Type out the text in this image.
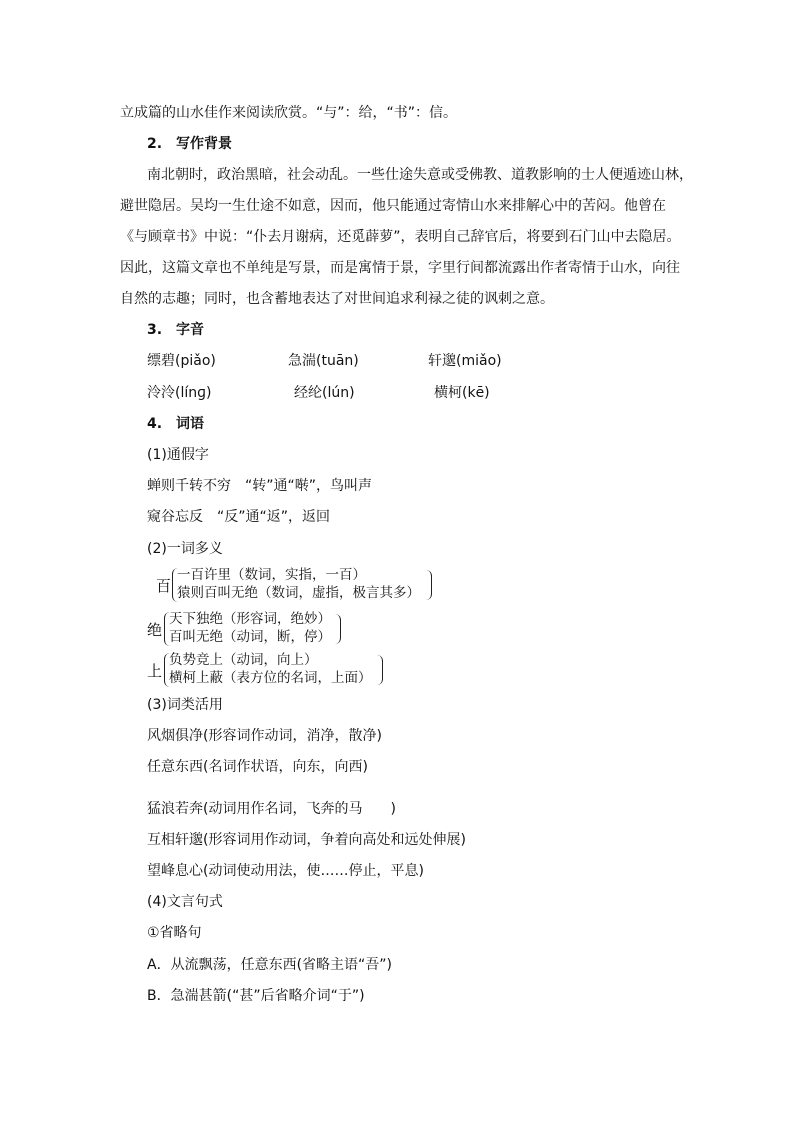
立成篇的山水佳作来阅读欣赏。“与”：给，“书”：信。
2.　写作背景
南北朝时，政治黑暗，社会动乱。一些仕途失意或受佛教、道教影响的士人便遁迹山林，
避世隐居。吴均一生仕途不如意，因而，他只能通过寄情山水来排解心中的苦闷。他曾在
《与顾章书》中说：“仆去月谢病，还觅薜萝”，表明自己辞官后，将要到石门山中去隐居。
因此，这篇文章也不单纯是写景，而是寓情于景，字里行间都流露出作者寄情于山水，向往
自然的志趣；同时，也含蓄地表达了对世间追求利禄之徒的讽刺之意。
3.　字音
缥碧(piǎo)	急湍(tuān)	轩邈(miǎo)
泠泠(línɡ)	经纶(lún)	横柯(kē)
4.　词语
(1)通假字
蝉则千转不穷　“转”通“啭”，鸟叫声
窥谷忘反　“反”通“返”，返回
(2)一词多义
百
一百许里（数词，实指，一百）
猿则百叫无绝（数词，虚指，极言其多）
绝
天下独绝（形容词，绝妙）
百叫无绝（动词，断，停）
上
负势竞上（动词，向上）
横柯上蔽（表方位的名词，上面）
(3)词类活用
风烟俱净(形容词作动词，消净，散净)
任意东西(名词作状语，向东，向西)
猛浪若奔(动词用作名词，飞奔的马　　)
互相轩邈(形容词用作动词，争着向高处和远处伸展)
望峰息心(动词使动用法，使……停止，平息)
(4)文言句式
①省略句
A．从流飘荡，任意东西(省略主语“吾”)
B．急湍甚箭(“甚”后省略介词“于”)
